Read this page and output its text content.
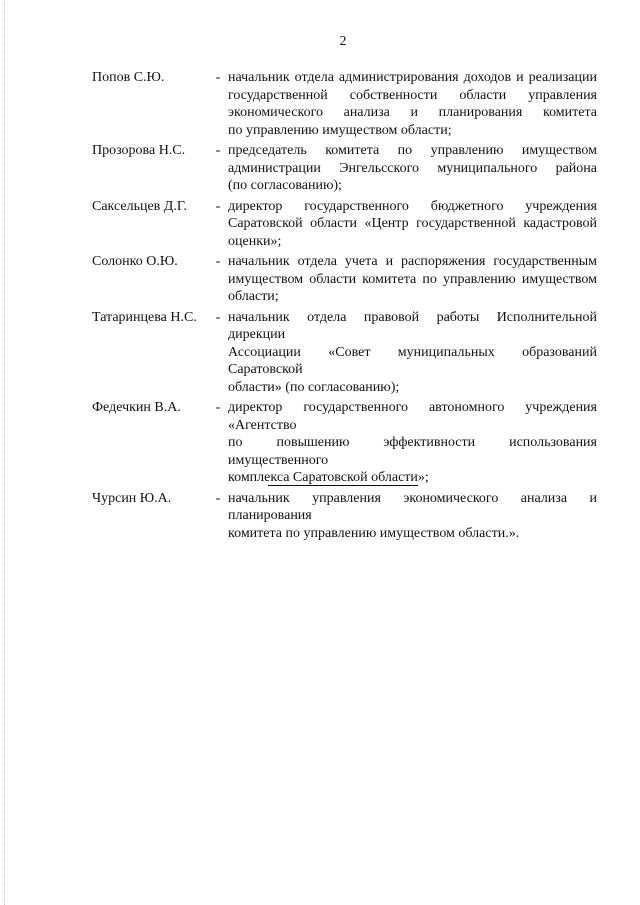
2
Попов С.Ю.	- начальник отдела администрирования доходов и реализации
государственной собственности области управления
экономического анализа и планирования комитета
по управлению имуществом области;
Прозорова Н.С.	- председатель комитета по управлению имуществом
администрации Энгельсского муниципального района
(по согласованию);
Саксельцев Д.Г.	- директор государственного бюджетного учреждения
Саратовской области «Центр государственной кадастровой
оценки»;
Солонко О.Ю.	- начальник отдела учета и распоряжения государственным
имуществом области комитета по управлению имуществом
области;
Татаринцева Н.С.	- начальник отдела правовой работы Исполнительной дирекции
Ассоциации «Совет муниципальных образований Саратовской
области» (по согласованию);
Федечкин В.А.	- директор государственного автономного учреждения «Агентство
по повышению эффективности использования имущественного
комплекса Саратовской области»;
Чурсин Ю.А.	- начальник управления экономического анализа и планирования
комитета по управлению имуществом области.».
